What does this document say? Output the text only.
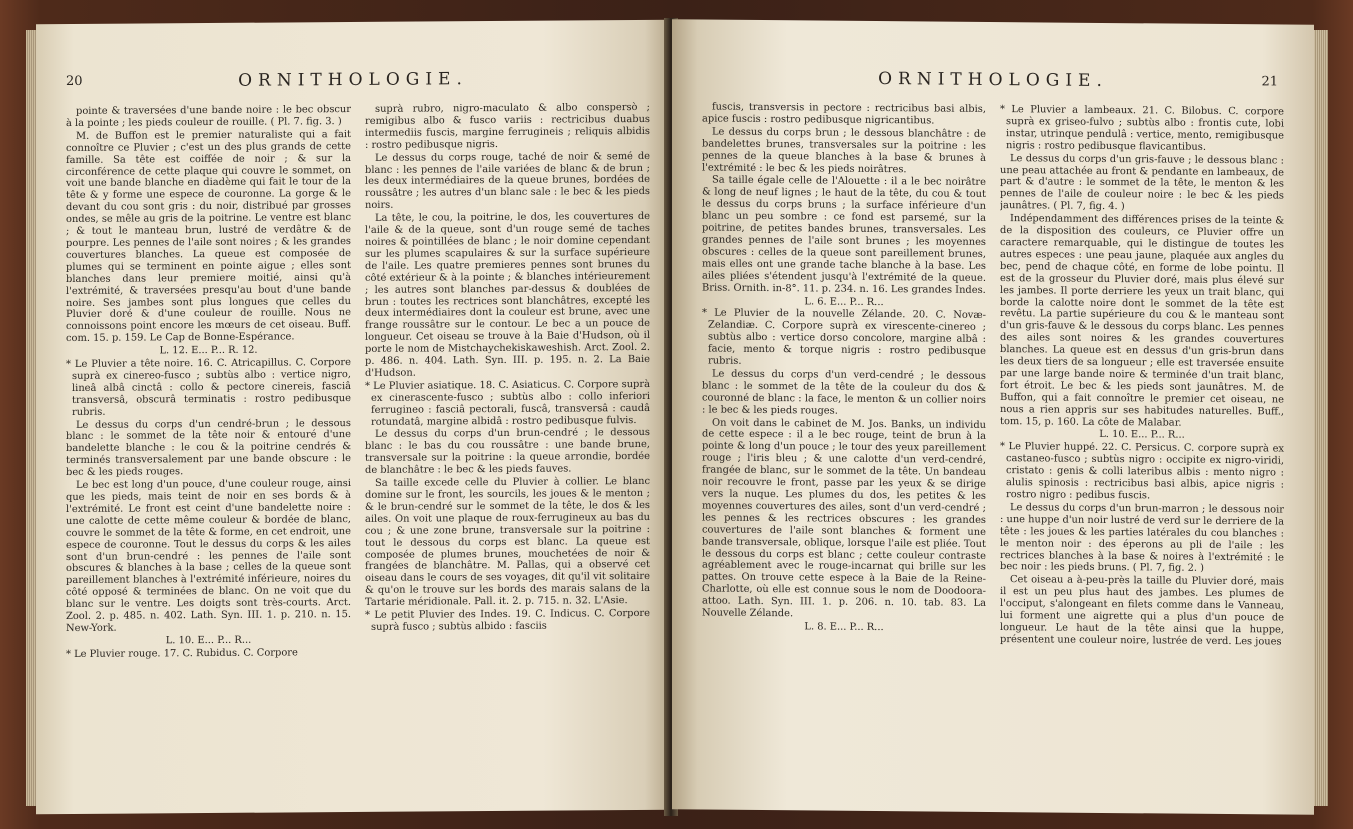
20	ORNITHOLOGIE.

pointe & traversées d'une bande noire : le bec obscur à la pointe ; les pieds couleur de rouille. ( Pl. 7. fig. 3. )

M. de Buffon est le premier naturaliste qui a fait connoître ce Pluvier ; c'est un des plus grands de cette famille. Sa tête est coiffée de noir ; & sur la circonférence de cette plaque qui couvre le sommet, on voit une bande blanche en diadème qui fait le tour de la tête & y forme une espece de couronne. La gorge & le devant du cou sont gris : du noir, distribué par grosses ondes, se mêle au gris de la poitrine. Le ventre est blanc ; & tout le manteau brun, lustré de verdâtre & de pourpre. Les pennes de l'aile sont noires ; & les grandes couvertures blanches. La queue est composée de plumes qui se terminent en pointe aigue ; elles sont blanches dans leur premiere moitié, ainsi qu'à l'extrémité, & traversées presqu'au bout d'une bande noire. Ses jambes sont plus longues que celles du Pluvier doré & d'une couleur de rouille. Nous ne connoissons point encore les mœurs de cet oiseau. Buff. com. 15. p. 159. Le Cap de Bonne-Espérance.

L. 12. E... P... R. 12.

* Le Pluvier a tête noire. 16. C. Atricapillus. C. Corpore suprà ex cinereo-fusco ; subtùs albo : vertice nigro, lineâ albâ cinctâ : collo & pectore cinereis, fasciâ transversâ, obscurâ terminatis : rostro pedibusque rubris.

Le dessus du corps d'un cendré-brun ; le dessous blanc : le sommet de la tête noir & entouré d'une bandelette blanche : le cou & la poitrine cendrés & terminés transversalement par une bande obscure : le bec & les pieds rouges.

Le bec est long d'un pouce, d'une couleur rouge, ainsi que les pieds, mais teint de noir en ses bords & à l'extrémité. Le front est ceint d'une bandelette noire : une calotte de cette même couleur & bordée de blanc, couvre le sommet de la tête & forme, en cet endroit, une espece de couronne. Tout le dessus du corps & les ailes sont d'un brun-cendré : les pennes de l'aile sont obscures & blanches à la base ; celles de la queue sont pareillement blanches à l'extrémité inférieure, noires du côté opposé & terminées de blanc. On ne voit que du blanc sur le ventre. Les doigts sont très-courts. Arct. Zool. 2. p. 485. n. 402. Lath. Syn. III. 1. p. 210. n. 15. New-York.

L. 10. E... P... R...

* Le Pluvier rouge. 17. C. Rubidus. C. Corpore

suprà rubro, nigro-maculato & albo conspersò ; remigibus albo & fusco variis : rectricibus duabus intermediis fuscis, margine ferrugineis ; reliquis albidis : rostro pedibusque nigris.

Le dessus du corps rouge, taché de noir & semé de blanc : les pennes de l'aile variées de blanc & de brun ; les deux intermédiaires de la queue brunes, bordées de roussâtre ; les autres d'un blanc sale : le bec & les pieds noirs.

La tête, le cou, la poitrine, le dos, les couvertures de l'aile & de la queue, sont d'un rouge semé de taches noires & pointillées de blanc ; le noir domine cependant sur les plumes scapulaires & sur la surface supérieure de l'aile. Les quatre premieres pennes sont brunes du côté extérieur & à la pointe ; & blanches intérieurement ; les autres sont blanches par-dessus & doublées de brun : toutes les rectrices sont blanchâtres, excepté les deux intermédiaires dont la couleur est brune, avec une frange roussâtre sur le contour. Le bec a un pouce de longueur. Cet oiseau se trouve à la Baie d'Hudson, où il porte le nom de Mistchaychekiskaweshish. Arct. Zool. 2. p. 486. n. 404. Lath. Syn. III. p. 195. n. 2. La Baie d'Hudson.

* Le Pluvier asiatique. 18. C. Asiaticus. C. Corpore suprà ex cinerascente-fusco ; subtùs albo : collo inferiori ferrugineo : fasciâ pectorali, fuscâ, transversâ : caudâ rotundatâ, margine albidâ : rostro pedibusque fulvis.

Le dessus du corps d'un brun-cendré ; le dessous blanc : le bas du cou roussâtre : une bande brune, transversale sur la poitrine : la queue arrondie, bordée de blanchâtre : le bec & les pieds fauves.

Sa taille excede celle du Pluvier à collier. Le blanc domine sur le front, les sourcils, les joues & le menton ; & le brun-cendré sur le sommet de la tête, le dos & les ailes. On voit une plaque de roux-ferrugineux au bas du cou ; & une zone brune, transversale sur la poitrine : tout le dessous du corps est blanc. La queue est composée de plumes brunes, mouchetées de noir & frangées de blanchâtre. M. Pallas, qui a observé cet oiseau dans le cours de ses voyages, dit qu'il vit solitaire & qu'on le trouve sur les bords des marais salans de la Tartarie méridionale. Pall. it. 2. p. 715. n. 32. L'Asie.

* Le petit Pluvier des Indes. 19. C. Indicus. C. Corpore suprà fusco ; subtùs albido : fasciis

21
ORNITHOLOGIE.

fuscis, transversis in pectore : rectricibus basi albis, apice fuscis : rostro pedibusque nigricantibus.

Le dessus du corps brun ; le dessous blanchâtre : de bandelettes brunes, transversales sur la poitrine : les pennes de la queue blanches à la base & brunes à l'extrémité : le bec & les pieds noirâtres.

Sa taille égale celle de l'Alouette : il a le bec noirâtre & long de neuf lignes ; le haut de la tête, du cou & tout le dessus du corps bruns ; la surface inférieure d'un blanc un peu sombre : ce fond est parsemé, sur la poitrine, de petites bandes brunes, transversales. Les grandes pennes de l'aile sont brunes ; les moyennes obscures : celles de la queue sont pareillement brunes, mais elles ont une grande tache blanche à la base. Les ailes pliées s'étendent jusqu'à l'extrémité de la queue. Briss. Ornith. in-8°. 11. p. 234. n. 16. Les grandes Indes.

L. 6. E... P... R...

* Le Pluvier de la nouvelle Zélande. 20. C. Novæ-Zelandiæ. C. Corpore suprà ex virescente-cinereo ; subtùs albo : vertice dorso concolore, margine albâ : facie, mento & torque nigris : rostro pedibusque rubris.

Le dessus du corps d'un verd-cendré ; le dessous blanc : le sommet de la tête de la couleur du dos & couronné de blanc : la face, le menton & un collier noirs : le bec & les pieds rouges.

On voit dans le cabinet de M. Jos. Banks, un individu de cette espece : il a le bec rouge, teint de brun à la pointe & long d'un pouce ; le tour des yeux pareillement rouge ; l'iris bleu ; & une calotte d'un verd-cendré, frangée de blanc, sur le sommet de la tête. Un bandeau noir recouvre le front, passe par les yeux & se dirige vers la nuque. Les plumes du dos, les petites & les moyennes couvertures des ailes, sont d'un verd-cendré ; les pennes & les rectrices obscures : les grandes couvertures de l'aile sont blanches & forment une bande transversale, oblique, lorsque l'aile est pliée. Tout le dessous du corps est blanc ; cette couleur contraste agréablement avec le rouge-incarnat qui brille sur les pattes. On trouve cette espece à la Baie de la Reine-Charlotte, où elle est connue sous le nom de Doodoora-attoo. Lath. Syn. III. 1. p. 206. n. 10. tab. 83. La Nouvelle Zélande.

L. 8. E... P... R...

* Le Pluvier a lambeaux. 21. C. Bilobus. C. corpore suprà ex griseo-fulvo ; subtùs albo : frontis cute, lobi instar, utrinque pendulâ : vertice, mento, remigibusque nigris : rostro pedibusque flavicantibus.

Le dessus du corps d'un gris-fauve ; le dessous blanc : une peau attachée au front & pendante en lambeaux, de part & d'autre : le sommet de la tête, le menton & les pennes de l'aile de couleur noire : le bec & les pieds jaunâtres. ( Pl. 7, fig. 4. )

Indépendamment des différences prises de la teinte & de la disposition des couleurs, ce Pluvier offre un caractere remarquable, qui le distingue de toutes les autres especes : une peau jaune, plaquée aux angles du bec, pend de chaque côté, en forme de lobe pointu. Il est de la grosseur du Pluvier doré, mais plus élevé sur les jambes. Il porte derriere les yeux un trait blanc, qui borde la calotte noire dont le sommet de la tête est revêtu. La partie supérieure du cou & le manteau sont d'un gris-fauve & le dessous du corps blanc. Les pennes des ailes sont noires & les grandes couvertures blanches. La queue est en dessus d'un gris-brun dans les deux tiers de sa longueur ; elle est traversée ensuite par une large bande noire & terminée d'un trait blanc, fort étroit. Le bec & les pieds sont jaunâtres. M. de Buffon, qui a fait connoître le premier cet oiseau, ne nous a rien appris sur ses habitudes naturelles. Buff., tom. 15, p. 160. La côte de Malabar.

L. 10. E... P... R...

* Le Pluvier huppé. 22. C. Persicus. C. corpore suprà ex castaneo-fusco ; subtùs nigro : occipite ex nigro-viridi, cristato : genis & colli lateribus albis : mento nigro : alulis spinosis : rectricibus basi albis, apice nigris : rostro nigro : pedibus fuscis.

Le dessus du corps d'un brun-marron ; le dessous noir : une huppe d'un noir lustré de verd sur le derriere de la tête : les joues & les parties latérales du cou blanches : le menton noir : des éperons au pli de l'aile : les rectrices blanches à la base & noires à l'extrémité : le bec noir : les pieds bruns. ( Pl. 7, fig. 2. )

Cet oiseau a à-peu-près la taille du Pluvier doré, mais il est un peu plus haut des jambes. Les plumes de l'occiput, s'alongeant en filets comme dans le Vanneau, lui forment une aigrette qui a plus d'un pouce de longueur. Le haut de la tête ainsi que la huppe, présentent une couleur noire, lustrée de verd. Les joues
